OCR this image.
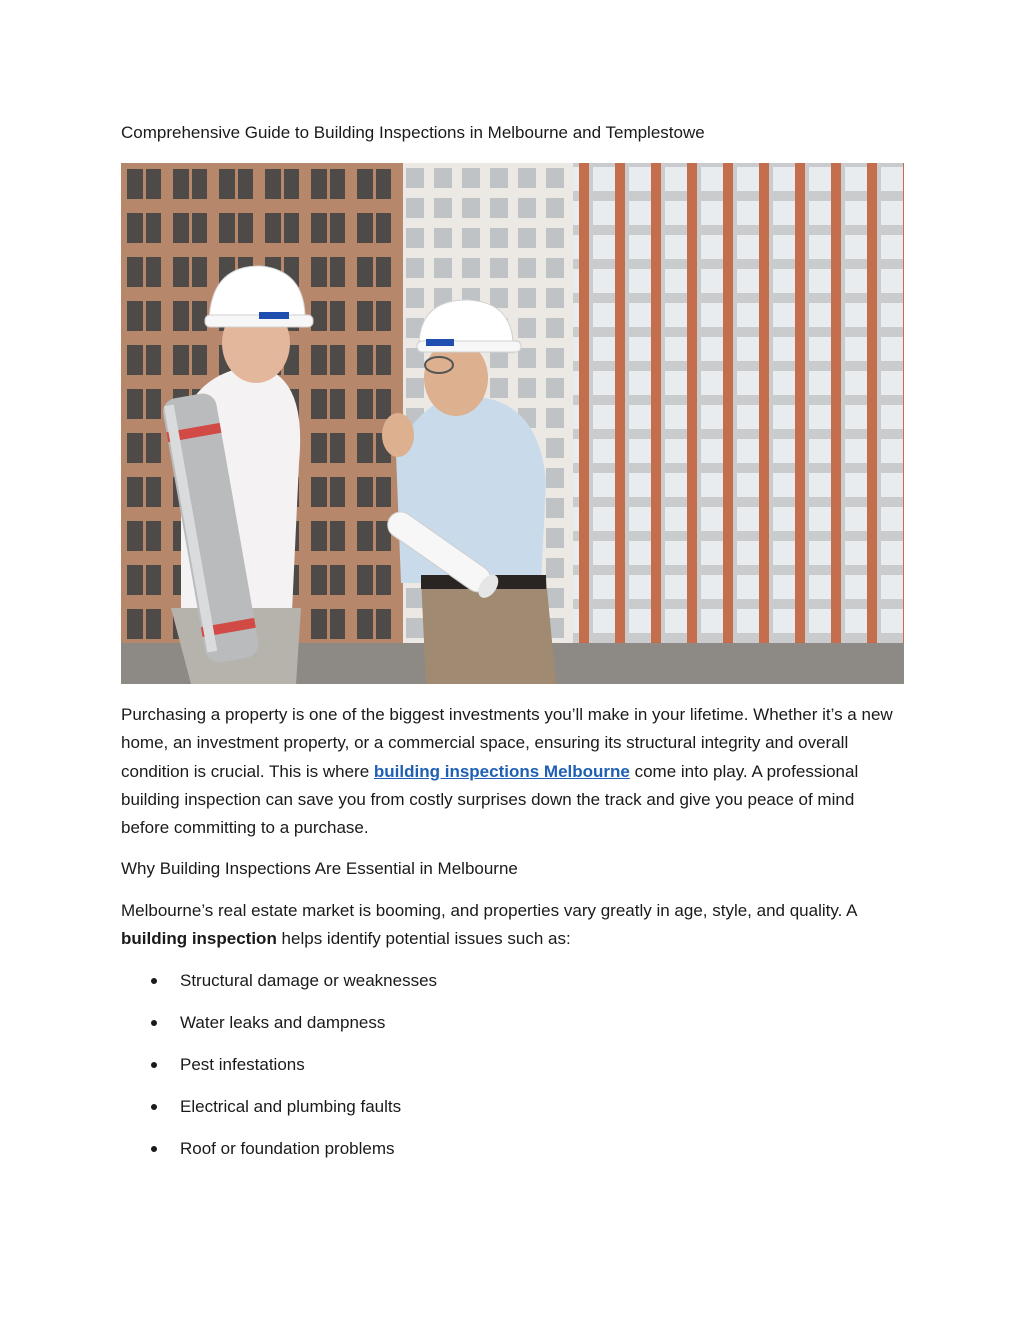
Comprehensive Guide to Building Inspections in Melbourne and Templestowe

Purchasing a property is one of the biggest investments you’ll make in your lifetime. Whether it’s a new home, an investment property, or a commercial space, ensuring its structural integrity and overall condition is crucial. This is where building inspections Melbourne come into play. A professional building inspection can save you from costly surprises down the track and give you peace of mind before committing to a purchase.

Why Building Inspections Are Essential in Melbourne

Melbourne’s real estate market is booming, and properties vary greatly in age, style, and quality. A building inspection helps identify potential issues such as:

Structural damage or weaknesses
Water leaks and dampness
Pest infestations
Electrical and plumbing faults
Roof or foundation problems
